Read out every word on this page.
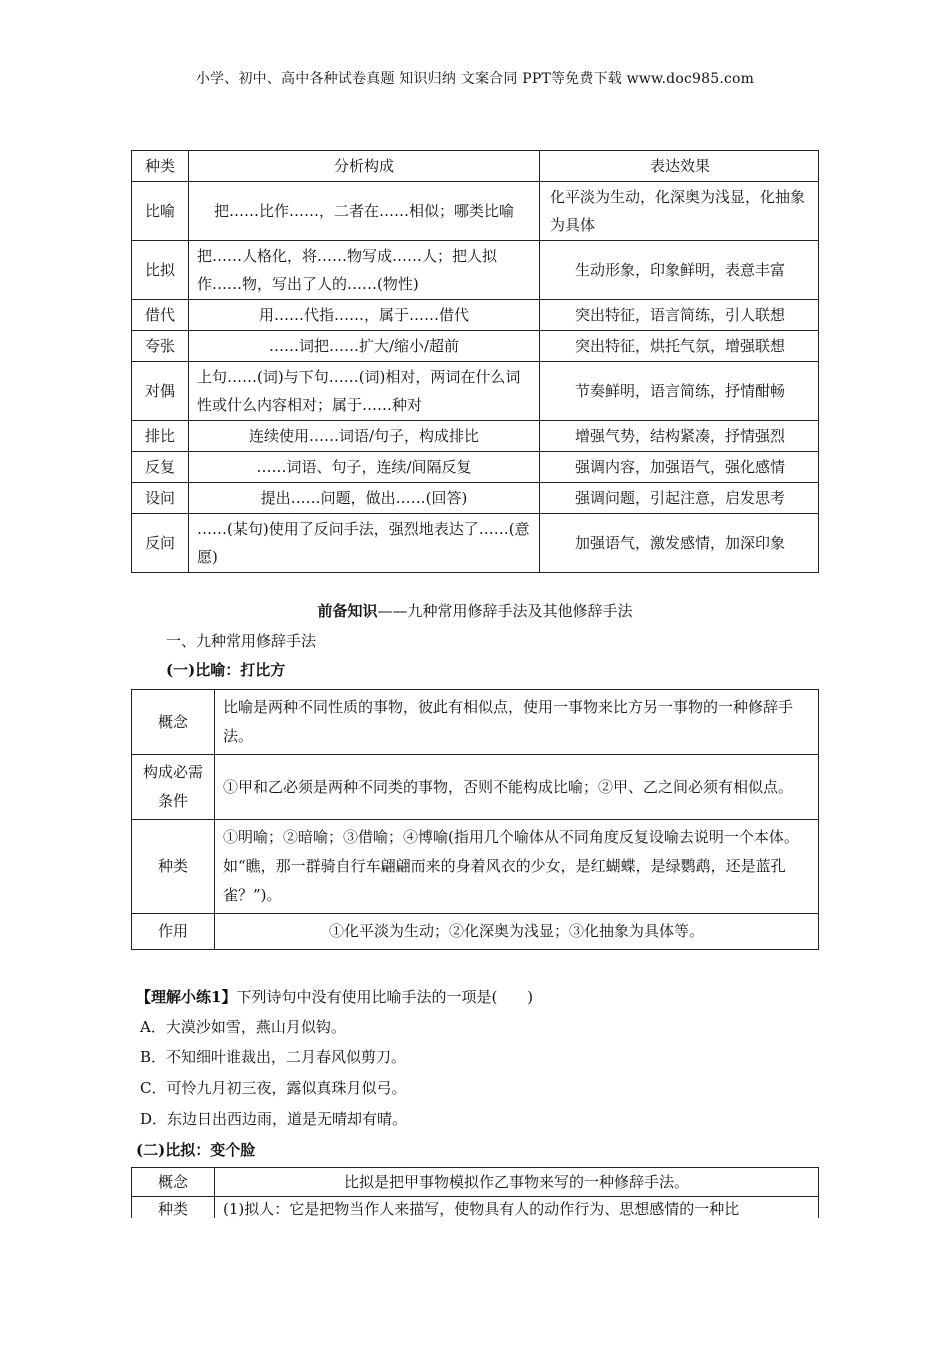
小学、初中、高中各种试卷真题 知识归纳 文案合同 PPT等免费下载 www.doc985.com
种类	分析构成	表达效果
比喻	把……比作……，二者在……相似；哪类比喻	化平淡为生动，化深奥为浅显，化抽象为具体
比拟	把……人格化，将……物写成……人；把人拟作……物，写出了人的……(物性)	生动形象，印象鲜明，表意丰富
借代	用……代指……，属于……借代	突出特征，语言简练，引人联想
夸张	……词把……扩大/缩小/超前	突出特征，烘托气氛，增强联想
对偶	上句……(词)与下句……(词)相对，两词在什么词性或什么内容相对；属于……种对	节奏鲜明，语言简练，抒情酣畅
排比	连续使用……词语/句子，构成排比	增强气势，结构紧凑，抒情强烈
反复	……词语、句子，连续/间隔反复	强调内容，加强语气，强化感情
设问	提出……问题，做出……(回答)	强调问题，引起注意，启发思考
反问	……(某句)使用了反问手法，强烈地表达了……(意愿)	加强语气，激发感情，加深印象
前备知识——九种常用修辞手法及其他修辞手法
一、九种常用修辞手法
(一)比喻：打比方
概念	比喻是两种不同性质的事物，彼此有相似点，使用一事物来比方另一事物的一种修辞手法。
构成必需条件	①甲和乙必须是两种不同类的事物，否则不能构成比喻；②甲、乙之间必须有相似点。
种类	①明喻；②暗喻；③借喻；④博喻(指用几个喻体从不同角度反复设喻去说明一个本体。如“瞧，那一群骑自行车翩翩而来的身着风衣的少女，是红蝴蝶，是绿鹦鹉，还是蓝孔雀？”)。
作用	①化平淡为生动；②化深奥为浅显；③化抽象为具体等。
【理解小练1】下列诗句中没有使用比喻手法的一项是(　　)
A．大漠沙如雪，燕山月似钩。
B．不知细叶谁裁出，二月春风似剪刀。
C．可怜九月初三夜，露似真珠月似弓。
D．东边日出西边雨，道是无晴却有晴。
(二)比拟：变个脸
概念	比拟是把甲事物模拟作乙事物来写的一种修辞手法。
种类	(1)拟人：它是把物当作人来描写，使物具有人的动作行为、思想感情的一种比
